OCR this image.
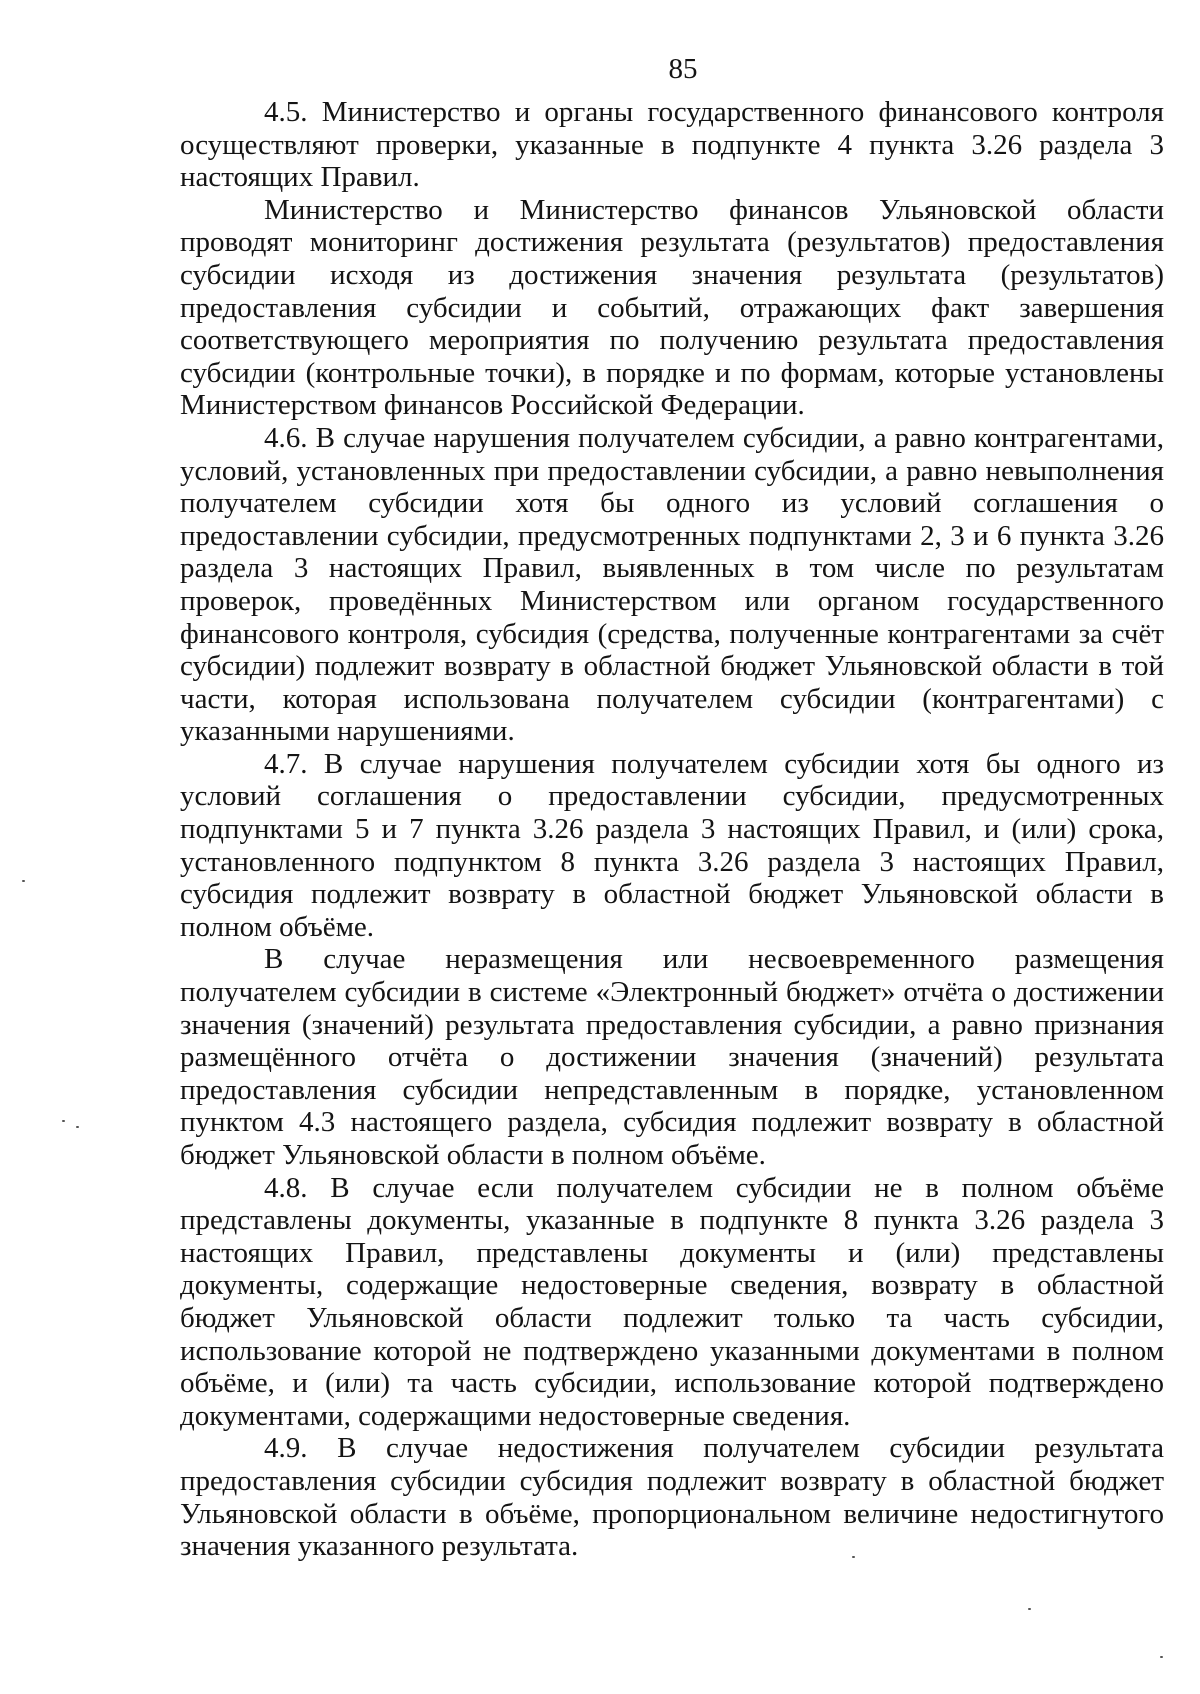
85

4.5. Министерство и органы государственного финансового контроля осуществляют проверки, указанные в подпункте 4 пункта 3.26 раздела 3 настоящих Правил.

Министерство и Министерство финансов Ульяновской области проводят мониторинг достижения результата (результатов) предоставления субсидии исходя из достижения значения результата (результатов) предоставления субсидии и событий, отражающих факт завершения соответствующего мероприятия по получению результата предоставления субсидии (контрольные точки), в порядке и по формам, которые установлены Министерством финансов Российской Федерации.

4.6. В случае нарушения получателем субсидии, а равно контрагентами, условий, установленных при предоставлении субсидии, а равно невыполнения получателем субсидии хотя бы одного из условий соглашения о предоставлении субсидии, предусмотренных подпунктами 2, 3 и 6 пункта 3.26 раздела 3 настоящих Правил, выявленных в том числе по результатам проверок, проведённых Министерством или органом государственного финансового контроля, субсидия (средства, полученные контрагентами за счёт субсидии) подлежит возврату в областной бюджет Ульяновской области в той части, которая использована получателем субсидии (контрагентами) с указанными нарушениями.

4.7. В случае нарушения получателем субсидии хотя бы одного из условий соглашения о предоставлении субсидии, предусмотренных подпунктами 5 и 7 пункта 3.26 раздела 3 настоящих Правил, и (или) срока, установленного подпунктом 8 пункта 3.26 раздела 3 настоящих Правил, субсидия подлежит возврату в областной бюджет Ульяновской области в полном объёме.

В случае неразмещения или несвоевременного размещения получателем субсидии в системе «Электронный бюджет» отчёта о достижении значения (значений) результата предоставления субсидии, а равно признания размещённого отчёта о достижении значения (значений) результата предоставления субсидии непредставленным в порядке, установленном пунктом 4.3 настоящего раздела, субсидия подлежит возврату в областной бюджет Ульяновской области в полном объёме.

4.8. В случае если получателем субсидии не в полном объёме представлены документы, указанные в подпункте 8 пункта 3.26 раздела 3 настоящих Правил, представлены документы и (или) представлены документы, содержащие недостоверные сведения, возврату в областной бюджет Ульяновской области подлежит только та часть субсидии, использование которой не подтверждено указанными документами в полном объёме, и (или) та часть субсидии, использование которой подтверждено документами, содержащими недостоверные сведения.

4.9. В случае недостижения получателем субсидии результата предоставления субсидии субсидия подлежит возврату в областной бюджет Ульяновской области в объёме, пропорциональном величине недостигнутого значения указанного результата.
